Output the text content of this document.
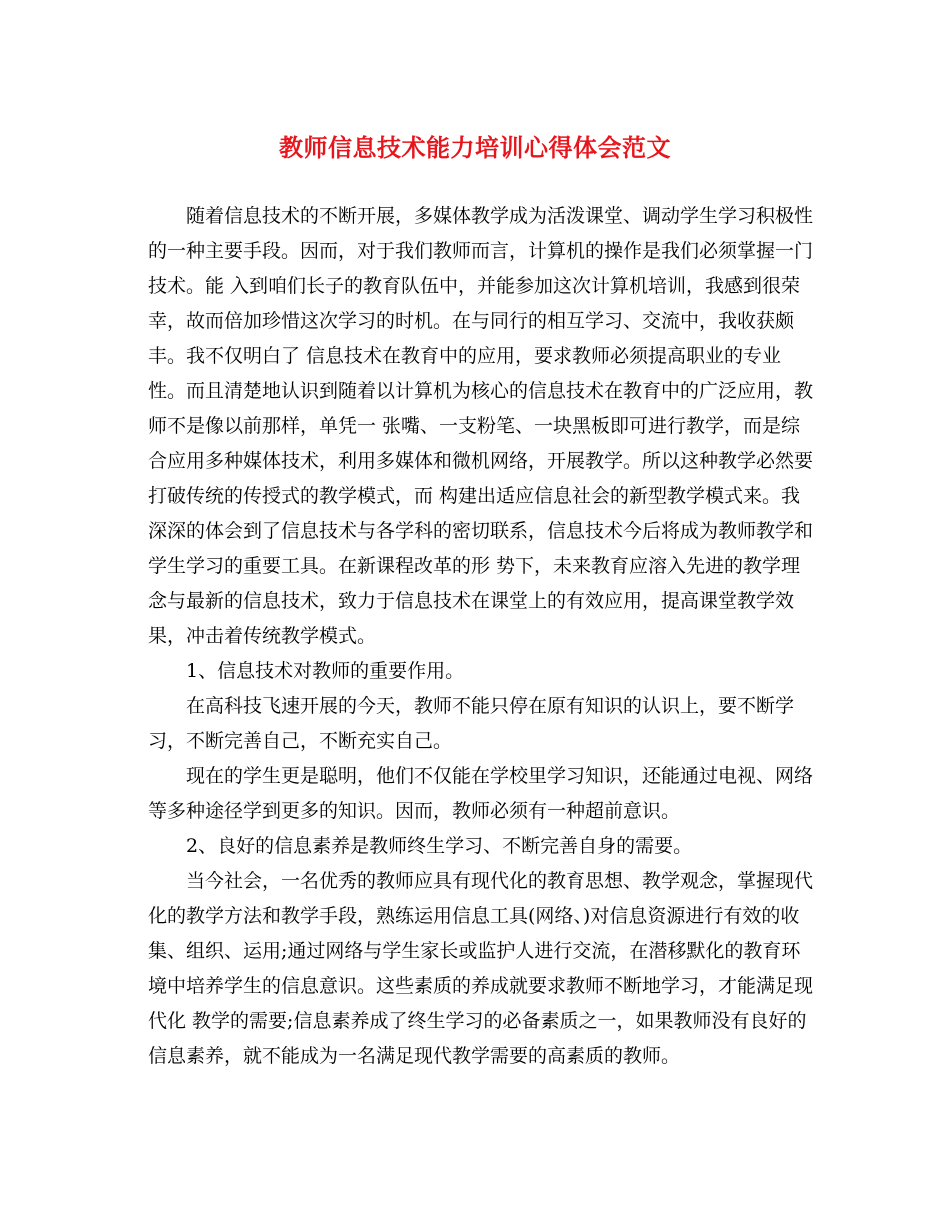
教师信息技术能力培训心得体会范文

随着信息技术的不断开展，多媒体教学成为活泼课堂、调动学生学习积极性

的一种主要手段。因而，对于我们教师而言，计算机的操作是我们必须掌握一门

技术。能 入到咱们长子的教育队伍中，并能参加这次计算机培训，我感到很荣

幸，故而倍加珍惜这次学习的时机。在与同行的相互学习、交流中，我收获颇

丰。我不仅明白了 信息技术在教育中的应用，要求教师必须提高职业的专业

性。而且清楚地认识到随着以计算机为核心的信息技术在教育中的广泛应用，教

师不是像以前那样，单凭一 张嘴、一支粉笔、一块黑板即可进行教学，而是综

合应用多种媒体技术，利用多媒体和微机网络，开展教学。所以这种教学必然要

打破传统的传授式的教学模式，而 构建出适应信息社会的新型教学模式来。我

深深的体会到了信息技术与各学科的密切联系，信息技术今后将成为教师教学和

学生学习的重要工具。在新课程改革的形 势下，未来教育应溶入先进的教学理

念与最新的信息技术，致力于信息技术在课堂上的有效应用，提高课堂教学效

果，冲击着传统教学模式。

1、信息技术对教师的重要作用。

在高科技飞速开展的今天，教师不能只停在原有知识的认识上，要不断学

习，不断完善自己，不断充实自己。

现在的学生更是聪明，他们不仅能在学校里学习知识，还能通过电视、网络

等多种途径学到更多的知识。因而，教师必须有一种超前意识。

2、良好的信息素养是教师终生学习、不断完善自身的需要。

当今社会，一名优秀的教师应具有现代化的教育思想、教学观念，掌握现代

化的教学方法和教学手段，熟练运用信息工具(网络、)对信息资源进行有效的收

集、组织、运用;通过网络与学生家长或监护人进行交流，在潜移默化的教育环

境中培养学生的信息意识。这些素质的养成就要求教师不断地学习，才能满足现

代化 教学的需要;信息素养成了终生学习的必备素质之一，如果教师没有良好的

信息素养，就不能成为一名满足现代教学需要的高素质的教师。
